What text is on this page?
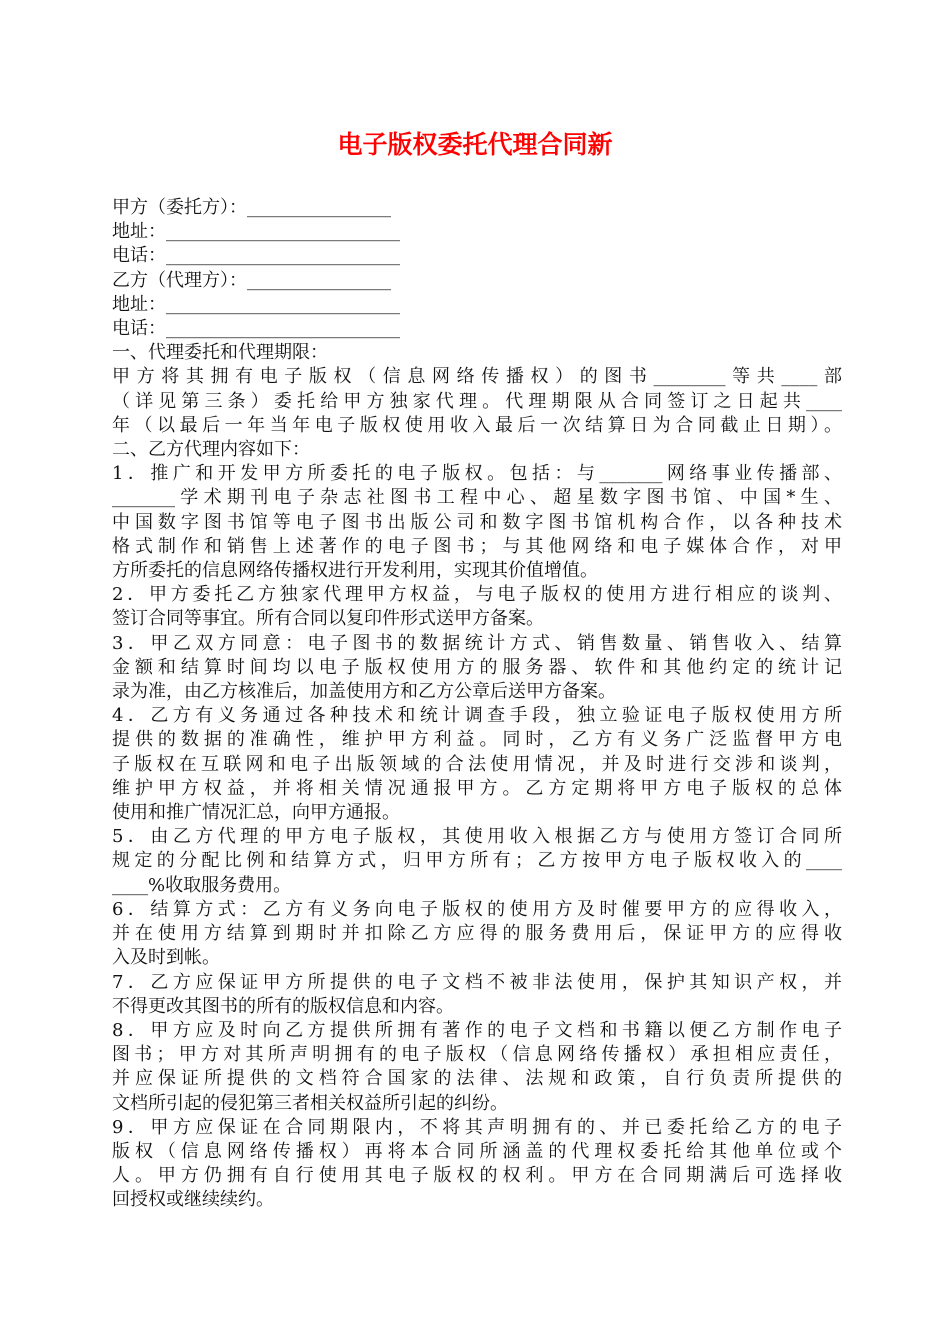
电子版权委托代理合同新

甲方（委托方）：________________

地址：__________________________

电话：__________________________

乙方（代理方）：________________

地址：__________________________

电话：__________________________

一、代理委托和代理期限：

甲方将其拥有电子版权（信息网络传播权）的图书________等共____部

（详见第三条）委托给甲方独家代理。代理期限从合同签订之日起共____

年（以最后一年当年电子版权使用收入最后一次结算日为合同截止日期）。

二、乙方代理内容如下：

1．推广和开发甲方所委托的电子版权。包括：与_______网络事业传播部、

_______学术期刊电子杂志社图书工程中心、超星数字图书馆、中国*生、

中国数字图书馆等电子图书出版公司和数字图书馆机构合作，以各种技术

格式制作和销售上述著作的电子图书；与其他网络和电子媒体合作，对甲

方所委托的信息网络传播权进行开发利用，实现其价值增值。

2．甲方委托乙方独家代理甲方权益，与电子版权的使用方进行相应的谈判、

签订合同等事宜。所有合同以复印件形式送甲方备案。

3．甲乙双方同意：电子图书的数据统计方式、销售数量、销售收入、结算

金额和结算时间均以电子版权使用方的服务器、软件和其他约定的统计记

录为准，由乙方核准后，加盖使用方和乙方公章后送甲方备案。

4．乙方有义务通过各种技术和统计调查手段，独立验证电子版权使用方所

提供的数据的准确性，维护甲方利益。同时，乙方有义务广泛监督甲方电

子版权在互联网和电子出版领域的合法使用情况，并及时进行交涉和谈判，

维护甲方权益，并将相关情况通报甲方。乙方定期将甲方电子版权的总体

使用和推广情况汇总，向甲方通报。

5．由乙方代理的甲方电子版权，其使用收入根据乙方与使用方签订合同所

规定的分配比例和结算方式，归甲方所有；乙方按甲方电子版权收入的____

____%收取服务费用。

6．结算方式：乙方有义务向电子版权的使用方及时催要甲方的应得收入，

并在使用方结算到期时并扣除乙方应得的服务费用后，保证甲方的应得收

入及时到帐。

7．乙方应保证甲方所提供的电子文档不被非法使用，保护其知识产权，并

不得更改其图书的所有的版权信息和内容。

8．甲方应及时向乙方提供所拥有著作的电子文档和书籍以便乙方制作电子

图书；甲方对其所声明拥有的电子版权（信息网络传播权）承担相应责任，

并应保证所提供的文档符合国家的法律、法规和政策，自行负责所提供的

文档所引起的侵犯第三者相关权益所引起的纠纷。

9．甲方应保证在合同期限内，不将其声明拥有的、并已委托给乙方的电子

版权（信息网络传播权）再将本合同所涵盖的代理权委托给其他单位或个

人。甲方仍拥有自行使用其电子版权的权利。甲方在合同期满后可选择收

回授权或继续续约。
